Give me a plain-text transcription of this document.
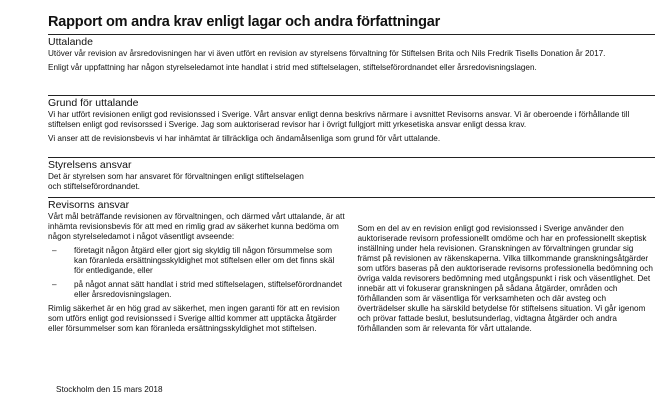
Rapport om andra krav enligt lagar och andra författningar
Uttalande

Utöver vår revision av årsredovisningen har vi även utfört en revision av styrelsens förvaltning för Stiftelsen Brita och Nils Fredrik Tisells Donation år 2017.

Enligt vår uppfattning har någon styrelseledamot inte handlat i strid med stiftelselagen, stiftelseförordnandet eller årsredovisningslagen.

Grund för uttalande

Vi har utfört revisionen enligt god revisionssed i Sverige. Vårt ansvar enligt denna beskrivs närmare i avsnittet Revisorns ansvar. Vi är oberoende i förhållande till stiftelsen enligt god revisorssed i Sverige. Jag som auktoriserad revisor har i övrigt fullgjort mitt yrkesetiska ansvar enligt dessa krav.

Vi anser att de revisionsbevis vi har inhämtat är tillräckliga och ändamålsenliga som grund för vårt uttalande.

Styrelsens ansvar

Det är styrelsen som har ansvaret för förvaltningen enligt stiftelselagen och stiftelseförordnandet.

Revisorns ansvar

Vårt mål beträffande revisionen av förvaltningen, och därmed vårt uttalande, är att inhämta revisionsbevis för att med en rimlig grad av säkerhet kunna bedöma om någon styrelseledamot i något väsentligt avseende:

–	företagit någon åtgärd eller gjort sig skyldig till någon försummelse som kan föranleda ersättningsskyldighet mot stiftelsen eller om det finns skäl för entledigande, eller

–	på något annat sätt handlat i strid med stiftelselagen, stiftelseförordnandet eller årsredovisningslagen.

Rimlig säkerhet är en hög grad av säkerhet, men ingen garanti för att en revision som utförs enligt god revisionssed i Sverige alltid kommer att upptäcka åtgärder eller försummelser som kan föranleda ersättningsskyldighet mot stiftelsen.

Som en del av en revision enligt god revisionssed i Sverige använder den auktoriserade revisorn professionellt omdöme och har en professionellt skeptisk inställning under hela revisionen. Granskningen av förvaltningen grundar sig främst på revisionen av räkenskaperna. Vilka tillkommande granskningsåtgärder som utförs baseras på den auktoriserade revisorns professionella bedömning och övriga valda revisorers bedömning med utgångspunkt i risk och väsentlighet. Det innebär att vi fokuserar granskningen på sådana åtgärder, områden och förhållanden som är väsentliga för verksamheten och där avsteg och överträdelser skulle ha särskild betydelse för stiftelsens situation. Vi går igenom och prövar fattade beslut, beslutsunderlag, vidtagna åtgärder och andra förhållanden som är relevanta för vårt uttalande.

Stockholm den 15 mars 2018
